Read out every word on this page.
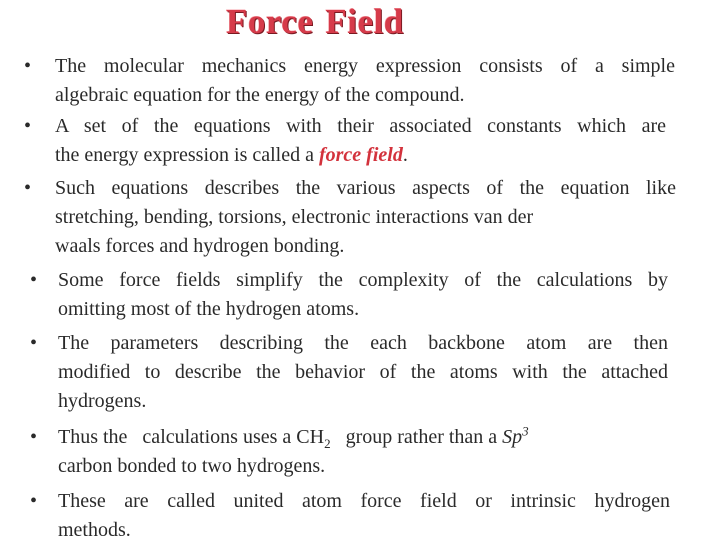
Force Field
• The molecular mechanics energy expression consists of a simple
algebraic equation for the energy of the compound.
• A set of the equations with their associated constants which are
the energy expression is called a force field.
• Such equations describes the various aspects of the equation like
stretching, bending, torsions, electronic interactions van der
waals forces and hydrogen bonding.
• Some force fields simplify the complexity of the calculations by
omitting most of the hydrogen atoms.
• The parameters describing the each backbone atom are then
modified to describe the behavior of the atoms with the attached
hydrogens.
• Thus the   calculations uses a $CH_2$   group rather than a Sp$^3$
carbon bonded to two hydrogens.
• These are called united atom force field or intrinsic hydrogen
methods.
